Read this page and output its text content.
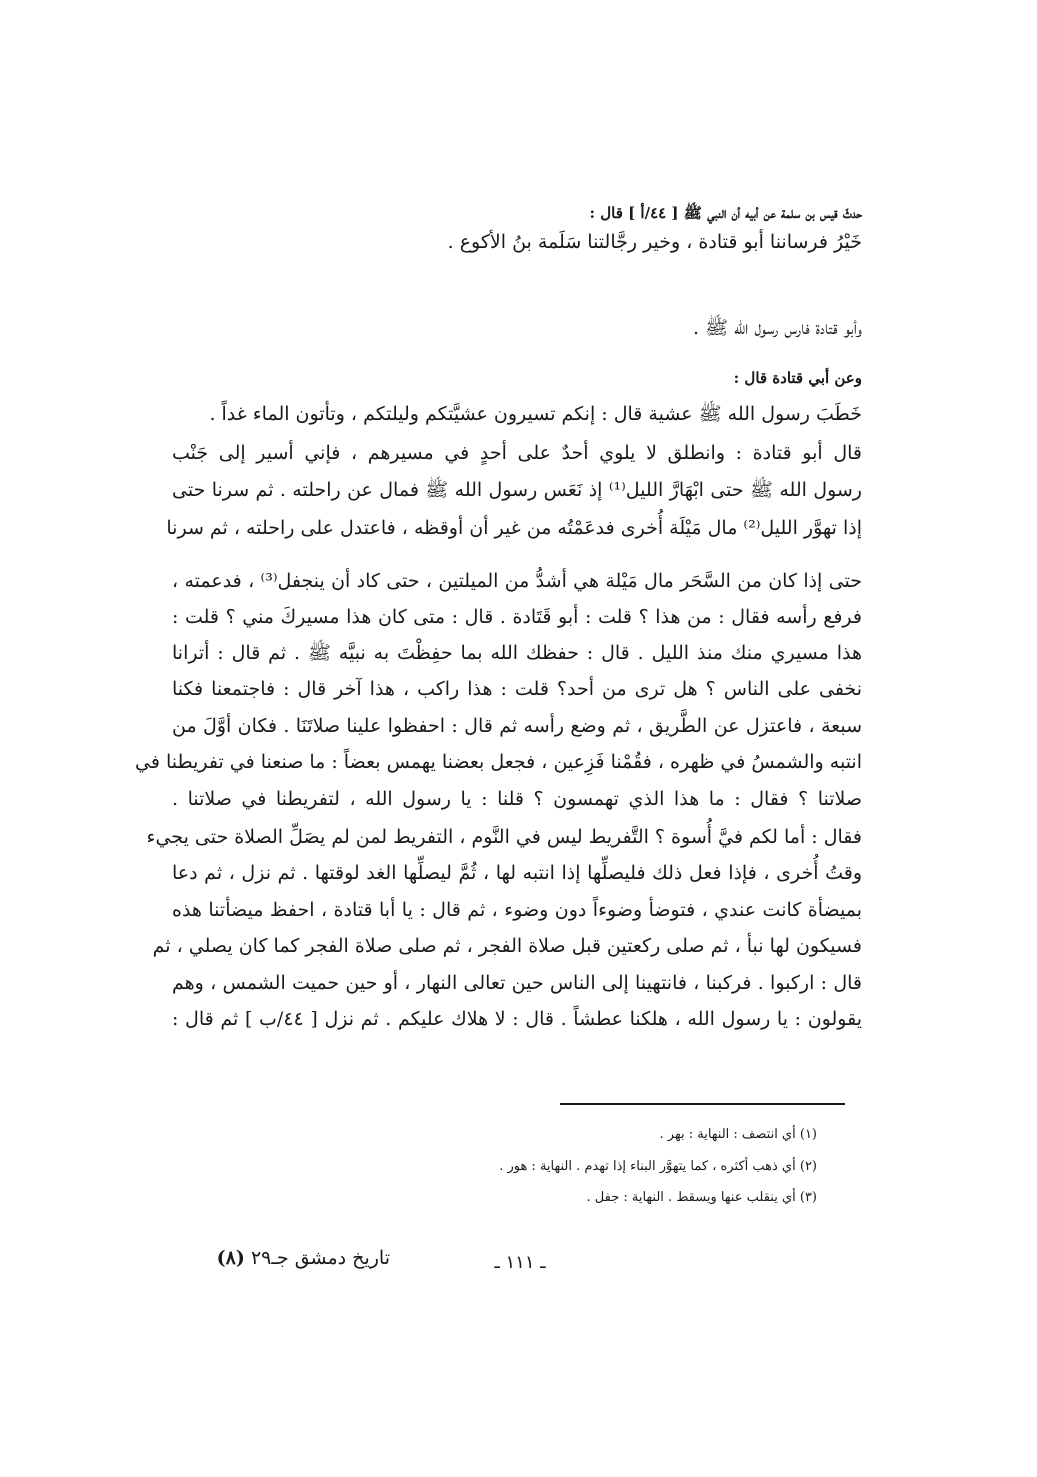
حدثّ قيس بن سلمة عن أبيه أن النبي ﷺ [ ٤٤/أ ] قال :
خَيْرُ فرساننا أبو قتادة ، وخير رجَّالتنا سَلَمة بنُ الأكوع .
وأبو قتادة فارس رسول الله ﷺ .
وعن أبي قتادة قال :
خَطَبَ رسول الله ﷺ عشية قال : إنكم تسيرون عشيَّتكم وليلتكم ، وتأتون الماء غداً .
قال أبو قتادة : وانطلق لا يلوي أحدٌ على أحدٍ في مسيرهم ، فإني أسير إلى جَنْب
رسول الله ﷺ حتى ابْهَارَّ الليل⁽¹⁾ إذ نَعَس رسول الله ﷺ فمال عن راحلته . ثم سرنا حتى
إذا تهوَّر الليل⁽²⁾ مال مَيْلَة أُخرى فدعَمْتُه من غير أن أوقظه ، فاعتدل على راحلته ، ثم سرنا
حتى إذا كان من السَّحَر مال مَيْلة هي أشدُّ من الميلتين ، حتى كاد أن ينجفل⁽³⁾ ، فدعمته ،
فرفع رأسه فقال : من هذا ؟ قلت : أبو قَتَادة . قال : متى كان هذا مسيركَ مني ؟ قلت :
هذا مسيري منك منذ الليل . قال : حفظك الله بما حفِظْتَ به نبيَّه ﷺ . ثم قال : أترانا
نخفى على الناس ؟ هل ترى من أحد؟ قلت : هذا راكب ، هذا آخر قال : فاجتمعنا فكنا
سبعة ، فاعتزل عن الطَّريق ، ثم وضع رأسه ثم قال : احفظوا علينا صلاتَنَا . فكان أوَّلَ من
انتبه والشمسُ في ظهره ، فقُمْنا فَزِعين ، فجعل بعضنا يهمس بعضاً : ما صنعنا في تفريطنا في
صلاتنا ؟ فقال : ما هذا الذي تهمسون ؟ قلنا : يا رسول الله ، لتفريطنا في صلاتنا .
فقال : أما لكم فيَّ أُسوة ؟ التَّفريط ليس في النَّوم ، التفريط لمن لم يصَلِّ الصلاة حتى يجيء
وقتُ أُخرى ، فإذا فعل ذلك فليصلِّها إذا انتبه لها ، ثُمَّ ليصلِّها الغد لوقتها . ثم نزل ، ثم دعا
بميضأة كانت عندي ، فتوضأ وضوءاً دون وضوء ، ثم قال : يا أبا قتادة ، احفظ ميضأتنا هذه
فسيكون لها نبأ ، ثم صلى ركعتين قبل صلاة الفجر ، ثم صلى صلاة الفجر كما كان يصلي ، ثم
قال : اركبوا . فركبنا ، فانتهينا إلى الناس حين تعالى النهار ، أو حين حميت الشمس ، وهم
يقولون : يا رسول الله ، هلكنا عطشاً . قال : لا هلاك عليكم . ثم نزل [ ٤٤/ب ] ثم قال :
(١) أي انتصف : النهاية : بهر .
(٢) أي ذهب أكثره ، كما يتهوَّر البناء إذا تهدم . النهاية : هور .
(٣) أي ينقلب عنها ويسقط . النهاية : جفل .
ـ ١١١ ـ
تاريخ دمشق جـ٢٩ (٨)
